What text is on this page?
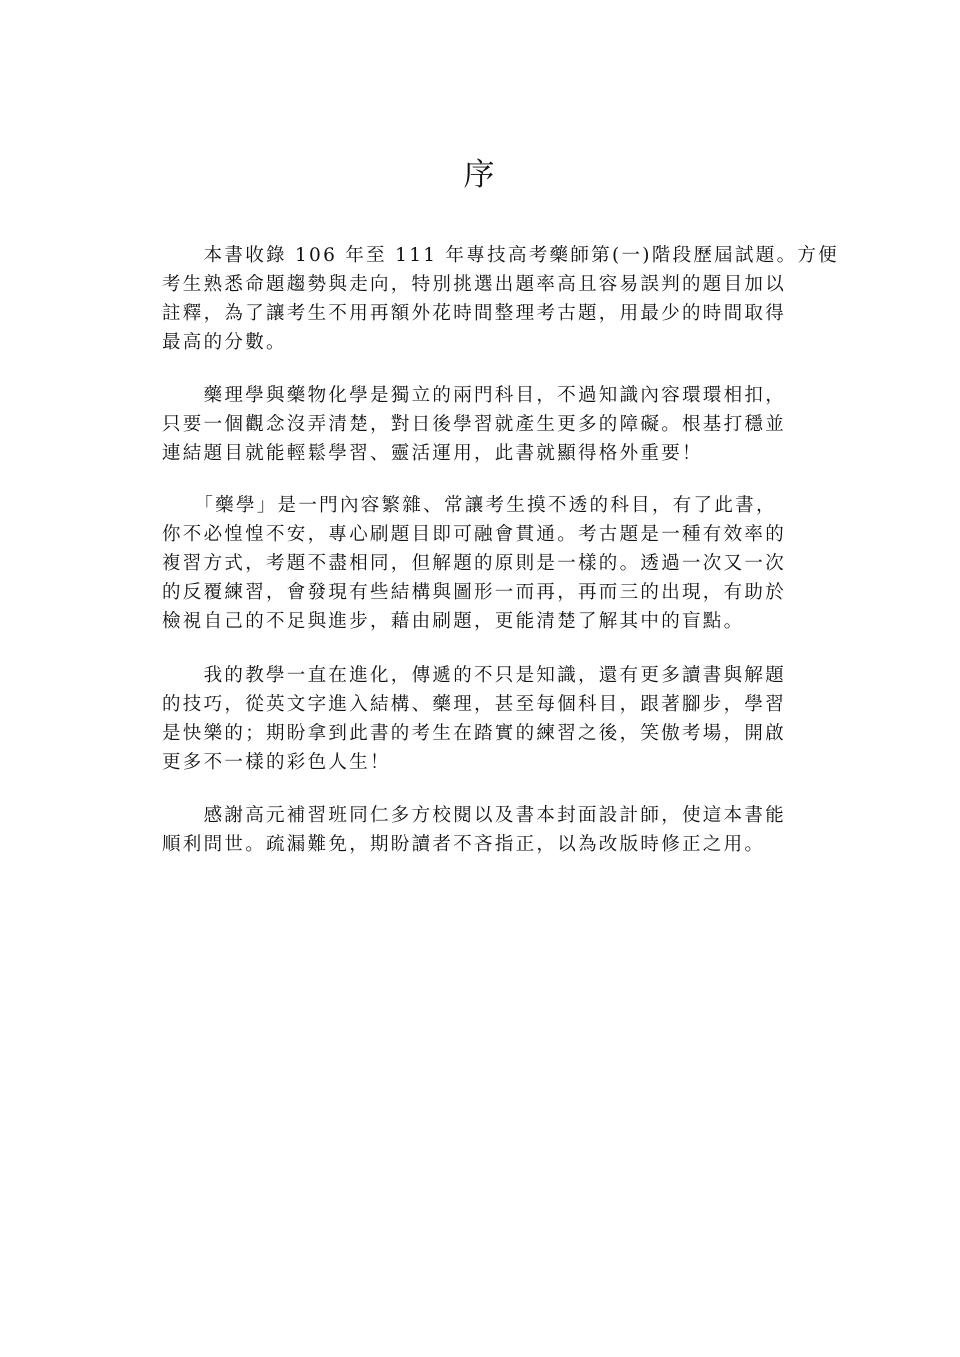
序
　　本書收錄 106 年至 111 年專技高考藥師第(一)階段歷屆試題。方便
考生熟悉命題趨勢與走向，特別挑選出題率高且容易誤判的題目加以
註釋，為了讓考生不用再額外花時間整理考古題，用最少的時間取得
最高的分數。
　　藥理學與藥物化學是獨立的兩門科目，不過知識內容環環相扣，
只要一個觀念沒弄清楚，對日後學習就產生更多的障礙。根基打穩並
連結題目就能輕鬆學習、靈活運用，此書就顯得格外重要！
　　「藥學」是一門內容繁雜、常讓考生摸不透的科目，有了此書，
你不必惶惶不安，專心刷題目即可融會貫通。考古題是一種有效率的
複習方式，考題不盡相同，但解題的原則是一樣的。透過一次又一次
的反覆練習，會發現有些結構與圖形一而再，再而三的出現，有助於
檢視自己的不足與進步，藉由刷題，更能清楚了解其中的盲點。
　　我的教學一直在進化，傳遞的不只是知識，還有更多讀書與解題
的技巧，從英文字進入結構、藥理，甚至每個科目，跟著腳步，學習
是快樂的；期盼拿到此書的考生在踏實的練習之後，笑傲考場，開啟
更多不一樣的彩色人生！
　　感謝高元補習班同仁多方校閱以及書本封面設計師，使這本書能
順利問世。疏漏難免，期盼讀者不吝指正，以為改版時修正之用。
